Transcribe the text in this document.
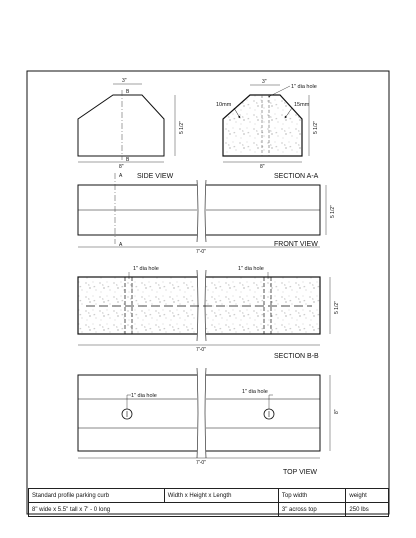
B
B
3"
8"
5 1/2"
SIDE VIEW
1" dia hole
10mm	15mm
3"
8"
5 1/2"
SECTION A-A
A
A
7'-0"
5 1/2"
FRONT VIEW
1" dia hole	1" dia hole
7'-0"
5 1/2"
SECTION B-B
1" dia hole
1" dia hole
7'-0"
8"
TOP VIEW
Standard profile parking curb	Width x Height x Length	Top width	weight
8" wide x 5.5" tall x 7' - 0 long		3" across top	250 lbs
